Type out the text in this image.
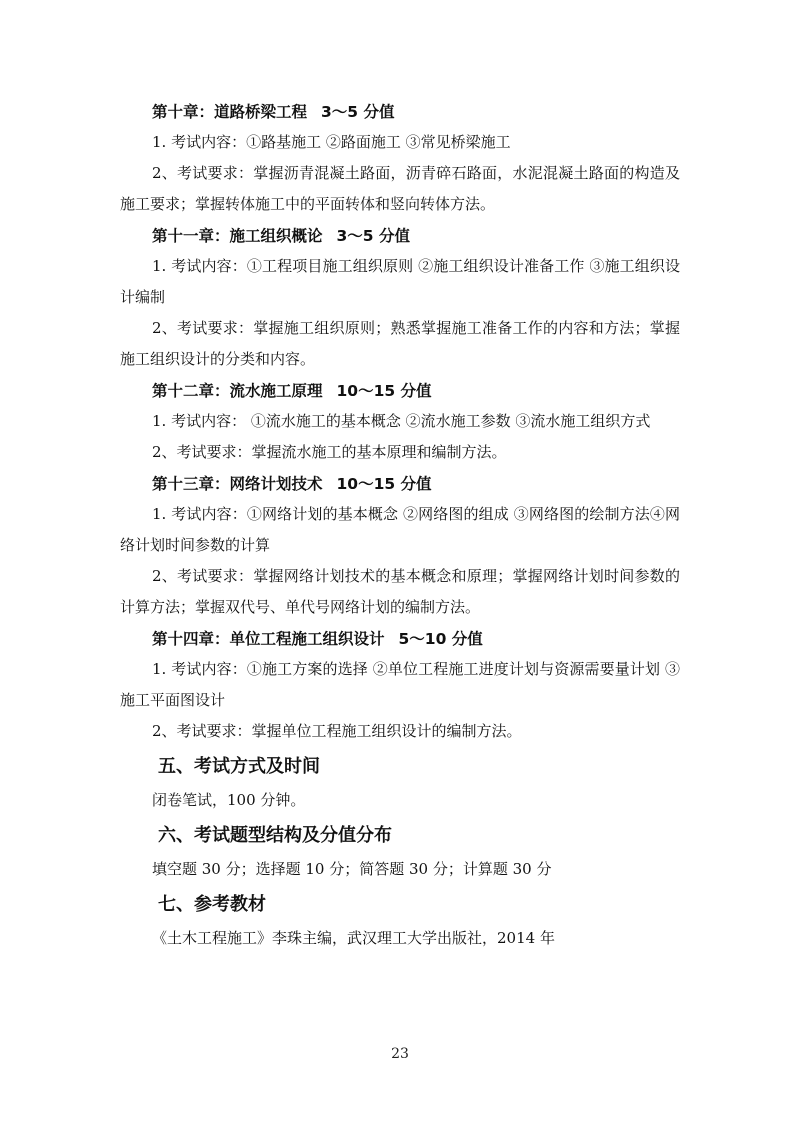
第十章：道路桥梁工程 3～5 分值

1. 考试内容：①路基施工 ②路面施工 ③常见桥梁施工

2、考试要求：掌握沥青混凝土路面，沥青碎石路面，水泥混凝土路面的构造及施工要求；掌握转体施工中的平面转体和竖向转体方法。

第十一章：施工组织概论 3～5 分值

1. 考试内容：①工程项目施工组织原则 ②施工组织设计准备工作 ③施工组织设计编制

2、考试要求：掌握施工组织原则；熟悉掌握施工准备工作的内容和方法；掌握施工组织设计的分类和内容。

第十二章：流水施工原理 10～15 分值

1. 考试内容： ①流水施工的基本概念 ②流水施工参数 ③流水施工组织方式

2、考试要求：掌握流水施工的基本原理和编制方法。

第十三章：网络计划技术 10～15 分值

1. 考试内容：①网络计划的基本概念 ②网络图的组成 ③网络图的绘制方法④网络计划时间参数的计算

2、考试要求：掌握网络计划技术的基本概念和原理；掌握网络计划时间参数的计算方法；掌握双代号、单代号网络计划的编制方法。

第十四章：单位工程施工组织设计 5～10 分值

1. 考试内容：①施工方案的选择 ②单位工程施工进度计划与资源需要量计划 ③施工平面图设计

2、考试要求：掌握单位工程施工组织设计的编制方法。

五、考试方式及时间

闭卷笔试，100 分钟。

六、考试题型结构及分值分布

填空题 30 分；选择题 10 分；简答题 30 分；计算题 30 分

七、参考教材

《土木工程施工》李珠主编，武汉理工大学出版社，2014 年

23
